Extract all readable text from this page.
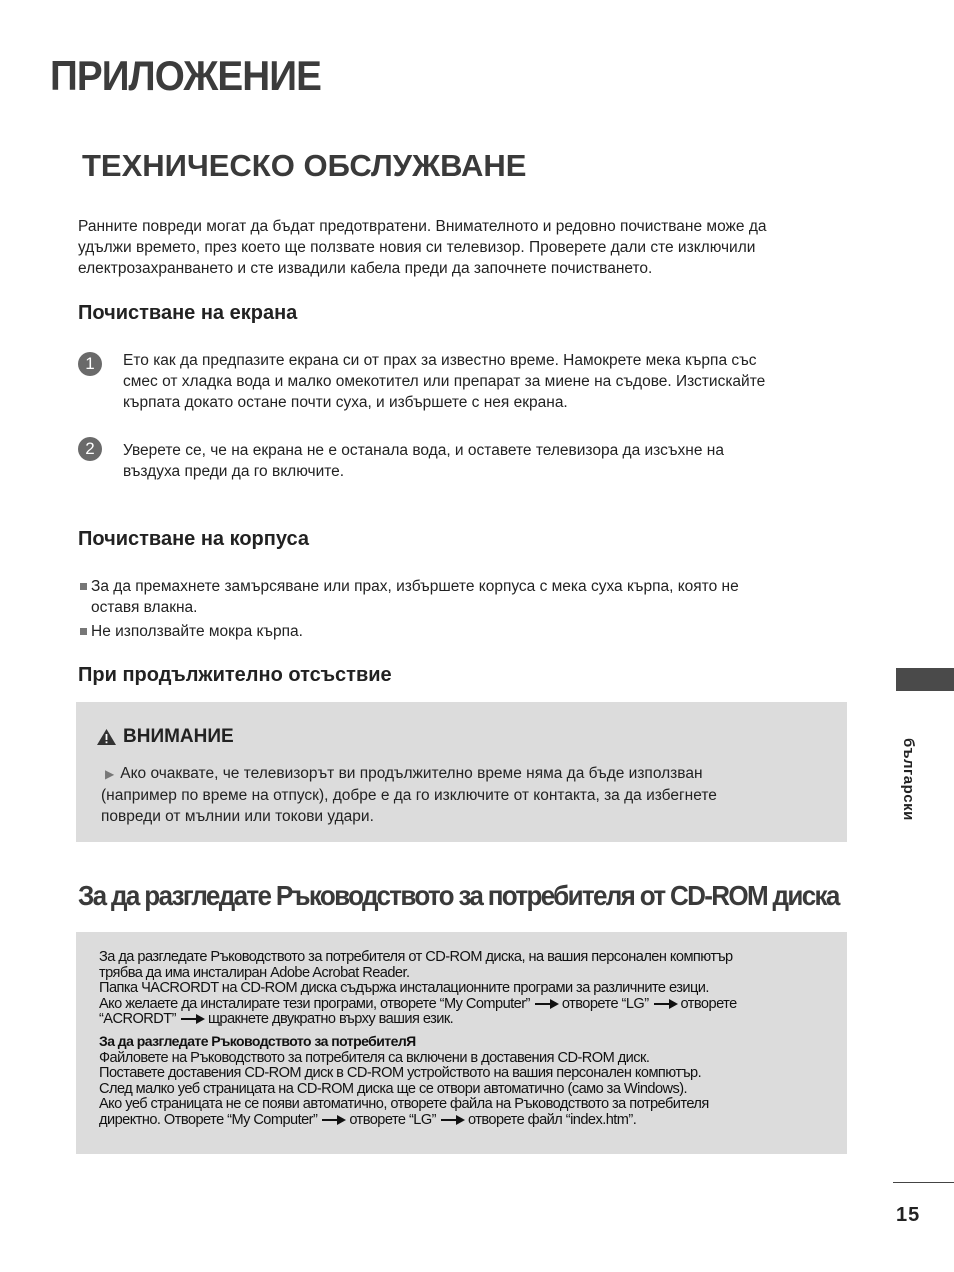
ПРИЛОЖЕНИЕ
ТЕХНИЧЕСКО ОБСЛУЖВАНЕ

Ранните повреди могат да бъдат предотвратени. Внимателното и редовно почистване може да
удължи времето, през което ще ползвате новия си телевизор. Проверете дали сте изключили
електрозахранването и сте извадили кабела преди да започнете почистването.

Почистване на екрана
1	Ето как да предпазите екрана си от прах за известно време. Намокрете мека кърпа със
смес от хладка вода и малко омекотител или препарат за миене на съдове. Изстискайте
кърпата докато остане почти суха, и избършете с нея екрана.

2	Уверете се, че на екрана не е останала вода, и оставете телевизора да изсъхне на
въздуха преди да го включите.

Почистване на корпуса

За да премахнете замърсяване или прах, избършете корпуса с мека суха кърпа, която не
оставя влакна.

Не използвайте мокра кърпа.

При продължително отсъствие
ВНИМАНИЕ

▶ Ако очаквате, че телевизорът ви продължително време няма да бъде използван
(например по време на отпуск), добре е да го изключите от контакта, за да избегнете
повреди от мълнии или токови удари.

За да разгледате Ръководството за потребителя от CD-ROM диска

За да разгледате Ръководството за потребителя от CD-ROM диска, на вашия персонален компютър
трябва да има инсталиран Adobe Acrobat Reader.
Папка ЧACRORDT на CD-ROM диска съдържа инсталационните програми за различните езици.
Ако желаете да инсталирате тези програми, отворете “My Computer” отворете “LG” отворете
“ACRORDT” щракнете двукратно върху вашия език.

За да разгледате Ръководството за потребителЯ
Файловете на Ръководството за потребителя са включени в доставения CD-ROM диск.
Поставете доставения CD-ROM диск в CD-ROM устройството на вашия персонален компютър.
След малко уеб страницата на CD-ROM диска ще се отвори автоматично (само за Windows).
Ако уеб страницата не се появи автоматично, отворете файла на Ръководството за потребителя
директно. Отворете “My Computer” отворете “LG” отворете файл “index.htm”.

български
15
